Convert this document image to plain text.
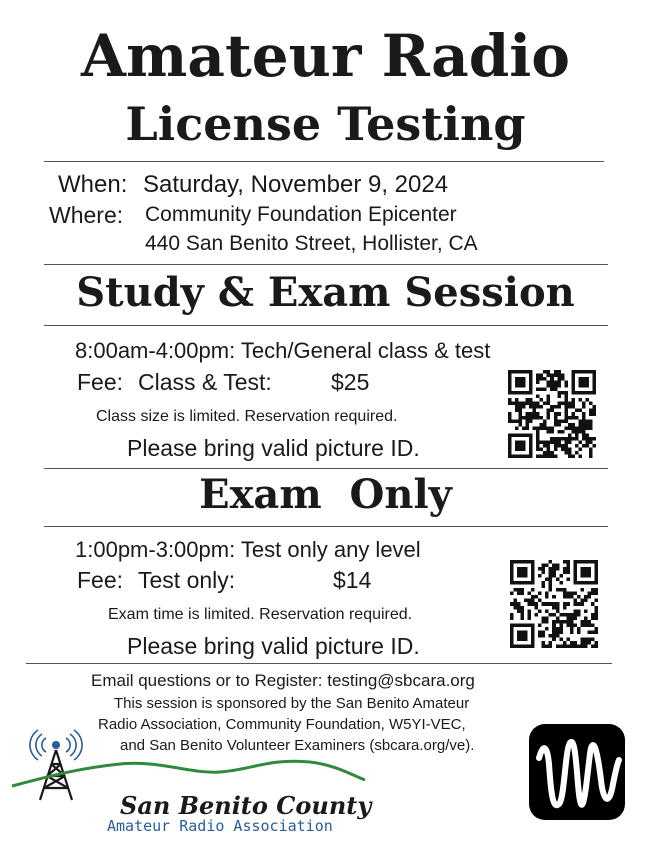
Amateur Radio
License Testing
When: Saturday, November 9, 2024
Where: Community Foundation Epicenter
440 San Benito Street, Hollister, CA
Study & Exam Session
8:00am-4:00pm: Tech/General class & test
Fee: Class & Test:	$25
Class size is limited. Reservation required.
Please bring valid picture ID.
Exam  Only
1:00pm-3:00pm: Test only any level
Fee: Test only:	$14
Exam time is limited. Reservation required.
Please bring valid picture ID.
Email questions or to Register: testing@sbcara.org
This session is sponsored by the San Benito Amateur
Radio Association, Community Foundation, W5YI-VEC,
and San Benito Volunteer Examiners (sbcara.org/ve).
San Benito County
Amateur Radio Association
